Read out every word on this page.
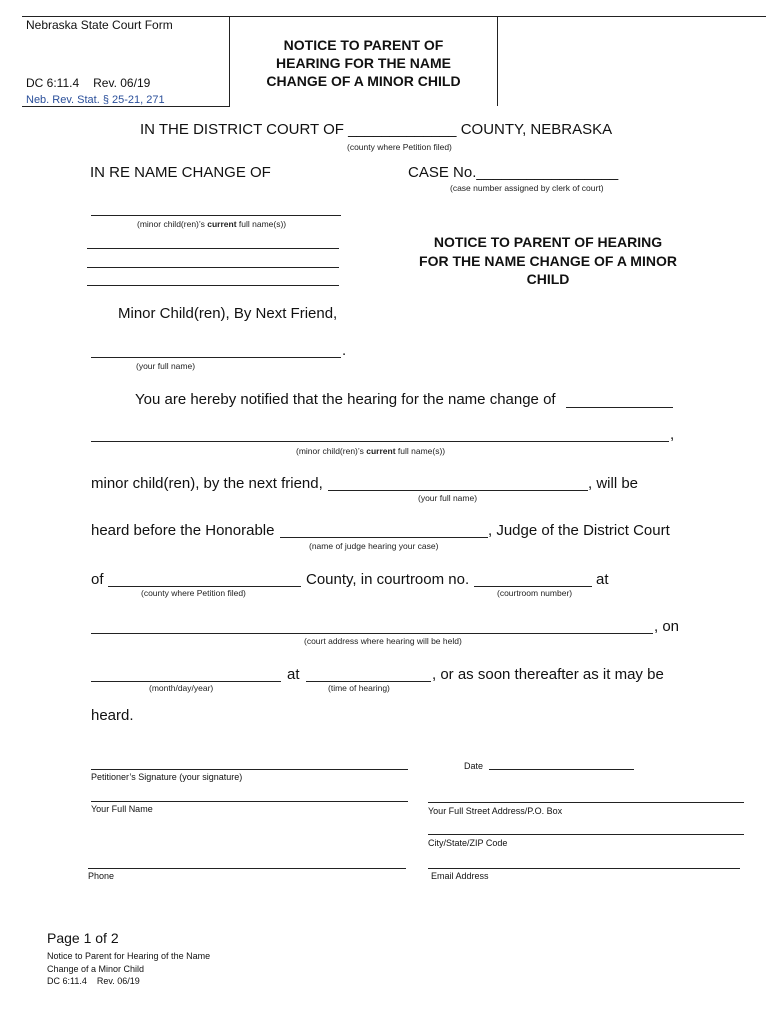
Nebraska State Court Form
DC 6:11.4 Rev. 06/19
Neb. Rev. Stat. § 25-21, 271
NOTICE TO PARENT OF
HEARING FOR THE NAME
CHANGE OF A MINOR CHILD
IN THE DISTRICT COURT OF _____________ COUNTY, NEBRASKA
(county where Petition filed)
IN RE NAME CHANGE OF	CASE No._________________
(case number assigned by clerk of court)
(minor child(ren)’s current full name(s))
NOTICE TO PARENT OF HEARING
FOR THE NAME CHANGE OF A MINOR
CHILD
Minor Child(ren), By Next Friend,
.
(your full name)
You are hereby notified that the hearing for the name change of
,
(minor child(ren)’s current full name(s))
minor child(ren), by the next friend,	, will be
(your full name)
heard before the Honorable	, Judge of the District Court
(name of judge hearing your case)
of	County, in courtroom no.	at
(county where Petition filed)	(courtroom number)
, on
(court address where hearing will be held)
at	, or as soon thereafter as it may be
(month/day/year)	(time of hearing)
heard.
Petitioner’s Signature (your signature)
Date
Your Full Name	Your Full Street Address/P.O. Box
City/State/ZIP Code
Phone	Email Address
Page 1 of 2
Notice to Parent for Hearing of the Name
Change of a Minor Child
DC 6:11.4    Rev. 06/19
